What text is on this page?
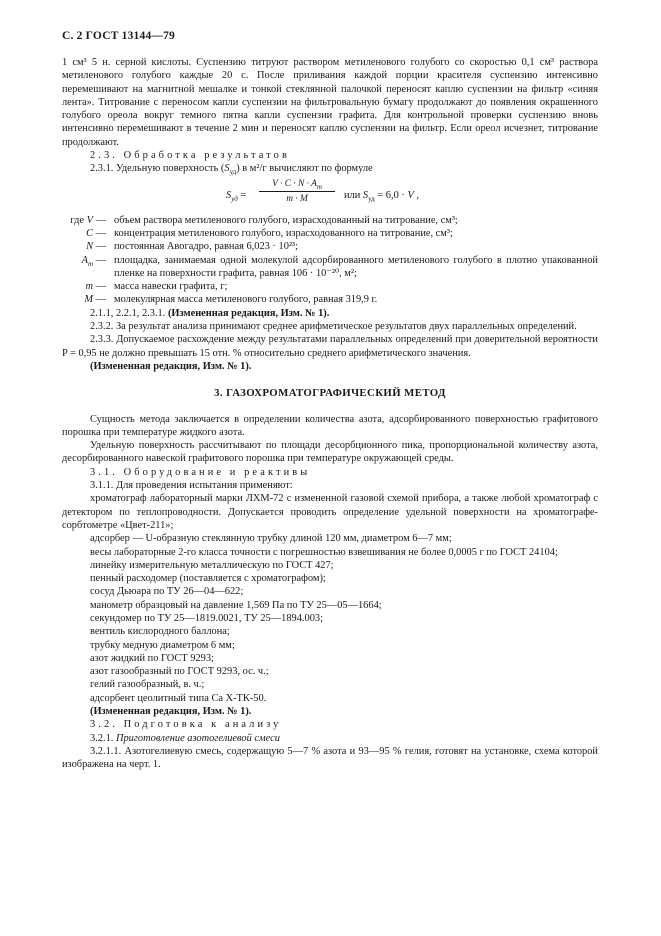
С. 2 ГОСТ 13144—79

1 см³ 5 н. серной кислоты. Суспензию титруют раствором метиленового голубого со скоростью 0,1 см³ раствора метиленового голубого каждые 20 с. После приливания каждой порции красителя суспензию интенсивно перемешивают на магнитной мешалке и тонкой стеклянной палочкой переносят каплю суспензии на фильтр «синяя лента». Титрование с переносом капли суспензии на фильтровальную бумагу продолжают до появления окрашенного голубого ореола вокруг темного пятна капли суспензии графита. Для контрольной проверки суспензию вновь интенсивно перемешивают в течение 2 мин и переносят каплю суспензии на фильтр. Если ореол исчезнет, титрование продолжают.

2.3. Обработка результатов

2.3.1. Удельную поверхность $(S_{уд})$ в м²/г вычисляют по формуле

$S_{уд}$ =
$V \cdot C \cdot N \cdot A_m$
m · M	или $S_{уд} = 6,0 \cdot V$ ,
где V — объем раствора метиленового голубого, израсходованный на титрование, см³;
C — концентрация метиленового голубого, израсходованного на титрование, см³;
N — постоянная Авогадро, равная 6,023 · 10²³;
$A_m$ — площадка, занимаемая одной молекулой адсорбированного метиленового голубого в плотно упакованной пленке на поверхности графита, равная 106 · 10⁻²⁰, м²;
m — масса навески графита, г;
M — молекулярная масса метиленового голубого, равная 319,9 г.

2.1.1, 2.2.1, 2.3.1. (Измененная редакция, Изм. № 1).

2.3.2. За результат анализа принимают среднее арифметическое результатов двух параллельных определений.

2.3.3. Допускаемое расхождение между результатами параллельных определений при доверительной вероятности P = 0,95 не должно превышать 15 отн. % относительно среднего арифметического значения.

(Измененная редакция, Изм. № 1).

3. ГАЗОХРОМАТОГРАФИЧЕСКИЙ МЕТОД

Сущность метода заключается в определении количества азота, адсорбированного поверхностью графитового порошка при температуре жидкого азота.

Удельную поверхность рассчитывают по площади десорбционного пика, пропорциональной количеству азота, десорбированного навеской графитового порошка при температуре окружающей среды.

3.1. Оборудование и реактивы

3.1.1. Для проведения испытания применяют:

хроматограф лабораторный марки ЛХМ-72 с измененной газовой схемой прибора, а также любой хроматограф с детектором по теплопроводности. Допускается проводить определение удельной поверхности на хроматографе-сорбтометре «Цвет-211»;

адсорбер — U-образную стеклянную трубку длиной 120 мм, диаметром 6—7 мм;

весы лабораторные 2-го класса точности с погрешностью взвешивания не более 0,0005 г по ГОСТ 24104;

линейку измерительную металлическую по ГОСТ 427;

пенный расходомер (поставляется с хроматографом);

сосуд Дьюара по ТУ 26—04—622;

манометр образцовый на давление 1,569 Па по ТУ 25—05—1664;

секундомер по ТУ 25—1819.0021, ТУ 25—1894.003;

вентиль кислородного баллона;

трубку медную диаметром 6 мм;

азот жидкий по ГОСТ 9293;

азот газообразный по ГОСТ 9293, ос. ч.;

гелий газообразный, в. ч.;

адсорбент цеолитный типа Са Х-ТК-50.

(Измененная редакция, Изм. № 1).

3.2. Подготовка к анализу

3.2.1. Приготовление азотогелиевой смеси

3.2.1.1. Азотогелиевую смесь, содержащую 5—7 % азота и 93—95 % гелия, готовят на установке, схема которой изображена на черт. 1.
